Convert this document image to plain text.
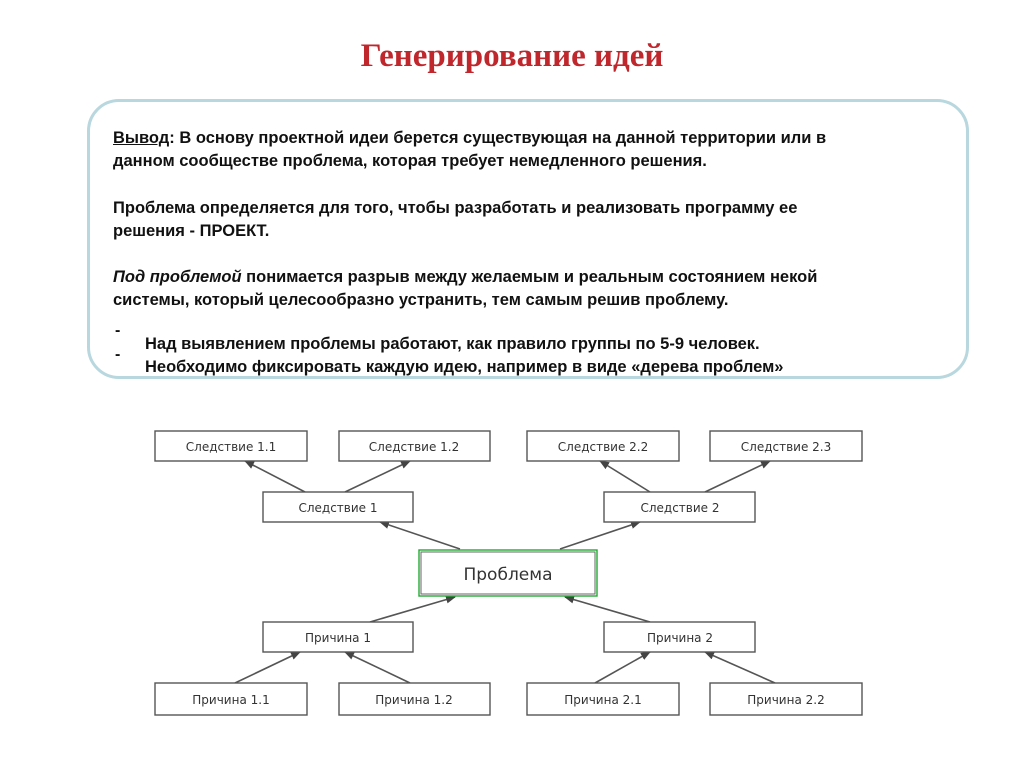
Генерирование идей
Вывод: В основу проектной идеи берется существующая на данной территории или в
данном сообществе проблема, которая требует немедленного решения.
Проблема определяется для того, чтобы разработать и реализовать программу ее
решения - ПРОЕКТ.
Под проблемой понимается разрыв между желаемым и реальным состоянием некой
системы, который целесообразно устранить, тем самым решив проблему.
-
Над выявлением проблемы работают, как правило группы по 5-9 человек.
-
Необходимо фиксировать каждую идею, например в виде «дерева проблем»
Следствие 1.1	Следствие 1.2	Следствие 2.2	Следствие 2.3
Следствие 1	Следствие 2
Проблема
Причина 1	Причина 2
Причина 1.1	Причина 1.2	Причина 2.1	Причина 2.2
